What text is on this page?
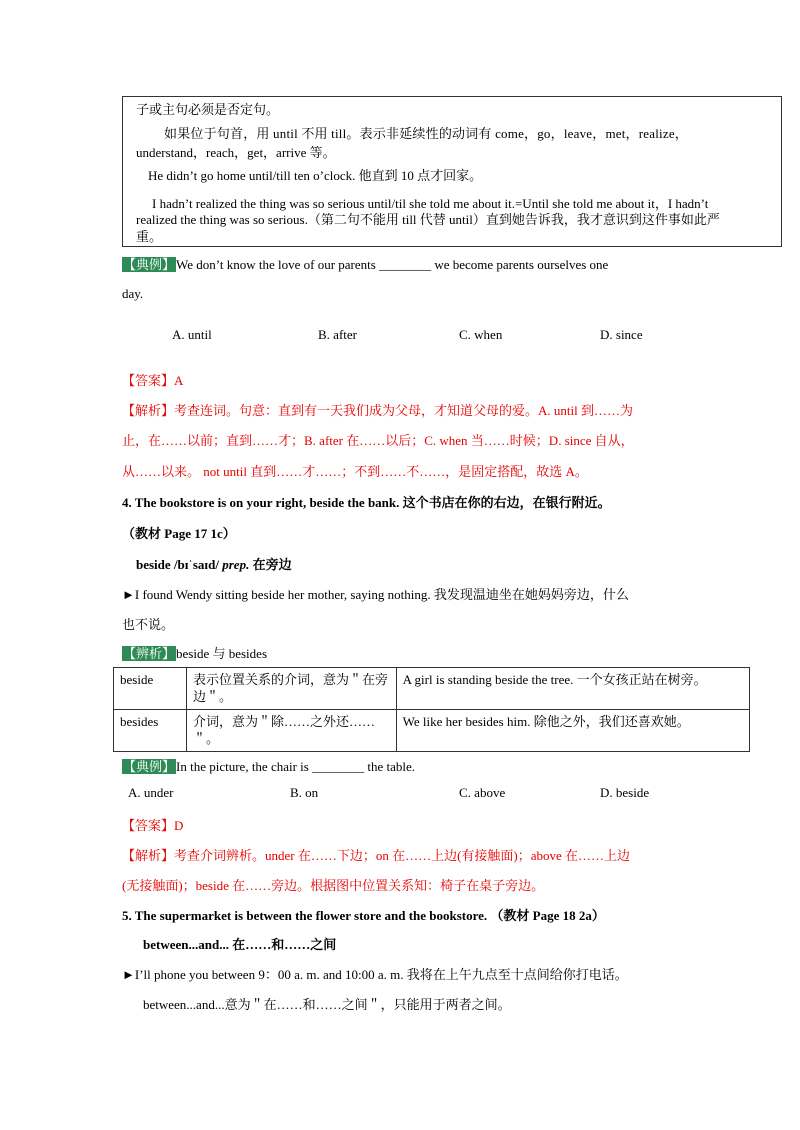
子或主句必须是否定句。
如果位于句首，用 until 不用 till。表示非延续性的动词有 come，go，leave，met，realize，
understand，reach，get，arrive 等。
He didn’t go home until/till ten o’clock. 他直到 10 点才回家。
I hadn’t realized the thing was so serious until/til she told me about it.=Until she told me about it，I hadn’t
realized the thing was so serious.（第二句不能用 till 代替 until）直到她告诉我，我才意识到这件事如此严
重。
【典例】We don’t know the love of our parents ________ we become parents ourselves one
day.
A. until	B. after	C. when	D. since
【答案】A
【解析】考查连词。句意：直到有一天我们成为父母，才知道父母的爱。A. until 到……为
止，在……以前；直到……才；B. after 在……以后；C. when 当……时候；D. since 自从，
从……以来。 not until 直到……才……；不到……不……，是固定搭配，故选 A。
4. The bookstore is on your right, beside the bank. 这个书店在你的右边，在银行附近。
（教材 Page 17 1c）
beside /bɪˈsaɪd/ prep. 在旁边
►I found Wendy sitting beside her mother, saying nothing. 我发现温迪坐在她妈妈旁边，什么
也不说。
【辨析】beside 与 besides
beside	表示位置关系的介词，意为＂在旁边＂。	A girl is standing beside the tree. 一个女孩正站在树旁。
besides	介词，意为＂除……之外还……＂。	We like her besides him. 除他之外，我们还喜欢她。
【典例】In the picture, the chair is ________ the table.
A. under	B. on	C. above	D. beside
【答案】D
【解析】考查介词辨析。under 在……下边；on 在……上边(有接触面)；above 在……上边
(无接触面)；beside 在……旁边。根据图中位置关系知：椅子在桌子旁边。
5. The supermarket is between the flower store and the bookstore. （教材 Page 18 2a）
between...and... 在……和……之间
►I’ll phone you between 9：00 a. m. and 10:00 a. m. 我将在上午九点至十点间给你打电话。
between...and...意为＂在……和……之间＂，只能用于两者之间。
